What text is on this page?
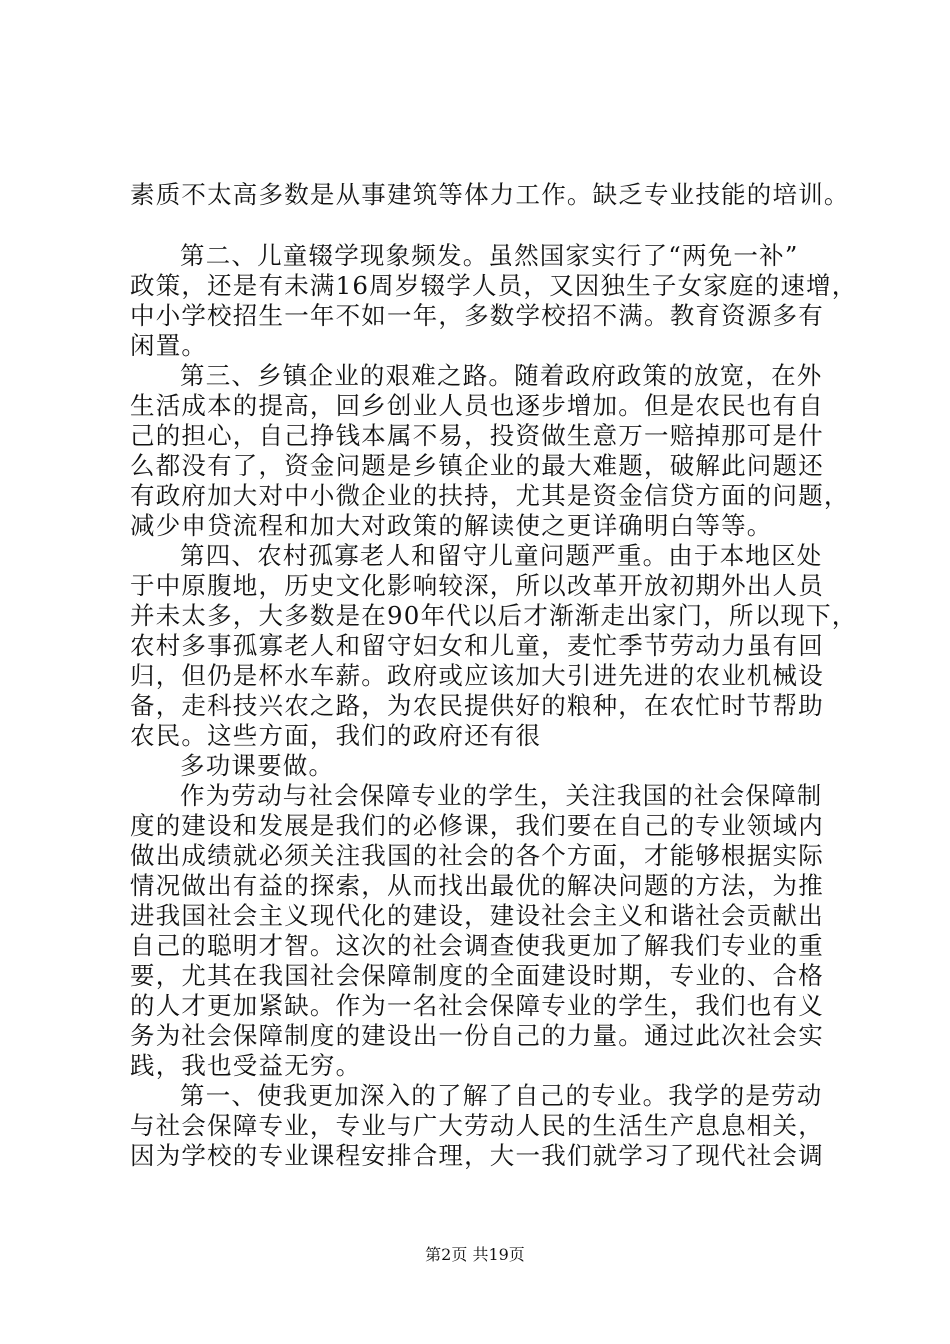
素质不太高多数是从事建筑等体力工作。缺乏专业技能的培训。
第二、儿童辍学现象频发。虽然国家实行了“两免一补”
政策，还是有未满16周岁辍学人员，又因独生子女家庭的速增，
中小学校招生一年不如一年，多数学校招不满。教育资源多有
闲置。
第三、乡镇企业的艰难之路。随着政府政策的放宽，在外
生活成本的提高，回乡创业人员也逐步增加。但是农民也有自
己的担心，自己挣钱本属不易，投资做生意万一赔掉那可是什
么都没有了，资金问题是乡镇企业的最大难题，破解此问题还
有政府加大对中小微企业的扶持，尤其是资金信贷方面的问题，
减少申贷流程和加大对政策的解读使之更详确明白等等。
第四、农村孤寡老人和留守儿童问题严重。由于本地区处
于中原腹地，历史文化影响较深，所以改革开放初期外出人员
并未太多，大多数是在90年代以后才渐渐走出家门，所以现下，
农村多事孤寡老人和留守妇女和儿童，麦忙季节劳动力虽有回
归，但仍是杯水车薪。政府或应该加大引进先进的农业机械设
备，走科技兴农之路，为农民提供好的粮种，在农忙时节帮助
农民。这些方面，我们的政府还有很
多功课要做。
作为劳动与社会保障专业的学生，关注我国的社会保障制
度的建设和发展是我们的必修课，我们要在自己的专业领域内
做出成绩就必须关注我国的社会的各个方面，才能够根据实际
情况做出有益的探索，从而找出最优的解决问题的方法，为推
进我国社会主义现代化的建设，建设社会主义和谐社会贡献出
自己的聪明才智。这次的社会调查使我更加了解我们专业的重
要，尤其在我国社会保障制度的全面建设时期，专业的、合格
的人才更加紧缺。作为一名社会保障专业的学生，我们也有义
务为社会保障制度的建设出一份自己的力量。通过此次社会实
践，我也受益无穷。
第一、使我更加深入的了解了自己的专业。我学的是劳动
与社会保障专业，专业与广大劳动人民的生活生产息息相关，
因为学校的专业课程安排合理，大一我们就学习了现代社会调
第2页 共19页
